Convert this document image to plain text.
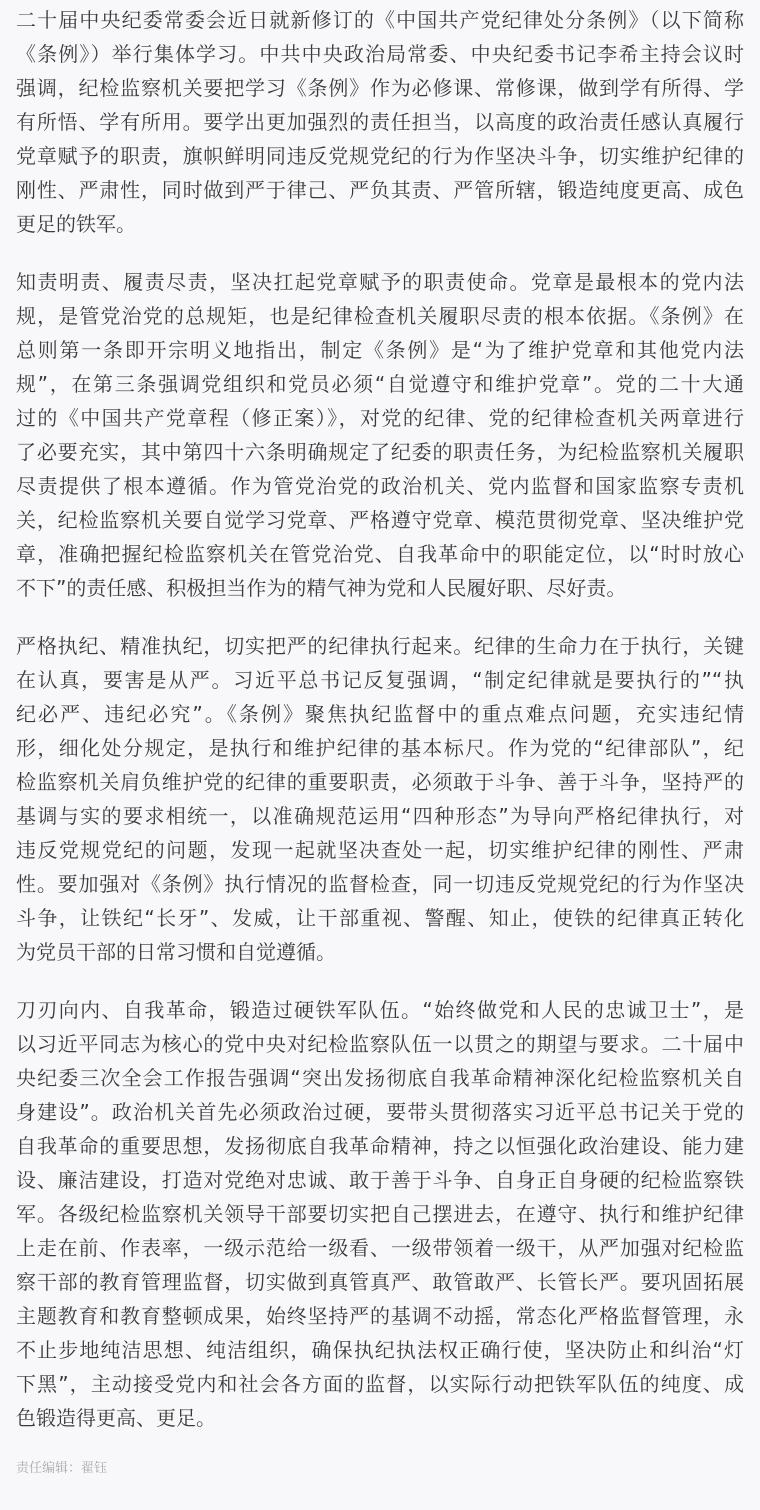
二十届中央纪委常委会近日就新修订的《中国共产党纪律处分条例》（以下简称
《条例》）举行集体学习。中共中央政治局常委、中央纪委书记李希主持会议时
强调，纪检监察机关要把学习《条例》作为必修课、常修课，做到学有所得、学
有所悟、学有所用。要学出更加强烈的责任担当，以高度的政治责任感认真履行
党章赋予的职责，旗帜鲜明同违反党规党纪的行为作坚决斗争，切实维护纪律的
刚性、严肃性，同时做到严于律己、严负其责、严管所辖，锻造纯度更高、成色
更足的铁军。
知责明责、履责尽责，坚决扛起党章赋予的职责使命。党章是最根本的党内法
规，是管党治党的总规矩，也是纪律检查机关履职尽责的根本依据。《条例》在
总则第一条即开宗明义地指出，制定《条例》是“为了维护党章和其他党内法
规”，在第三条强调党组织和党员必须“自觉遵守和维护党章”。党的二十大通
过的《中国共产党章程（修正案）》，对党的纪律、党的纪律检查机关两章进行
了必要充实，其中第四十六条明确规定了纪委的职责任务，为纪检监察机关履职
尽责提供了根本遵循。作为管党治党的政治机关、党内监督和国家监察专责机
关，纪检监察机关要自觉学习党章、严格遵守党章、模范贯彻党章、坚决维护党
章，准确把握纪检监察机关在管党治党、自我革命中的职能定位，以“时时放心
不下”的责任感、积极担当作为的精气神为党和人民履好职、尽好责。
严格执纪、精准执纪，切实把严的纪律执行起来。纪律的生命力在于执行，关键
在认真，要害是从严。习近平总书记反复强调，“制定纪律就是要执行的”“执
纪必严、违纪必究”。《条例》聚焦执纪监督中的重点难点问题，充实违纪情
形，细化处分规定，是执行和维护纪律的基本标尺。作为党的“纪律部队”，纪
检监察机关肩负维护党的纪律的重要职责，必须敢于斗争、善于斗争，坚持严的
基调与实的要求相统一，以准确规范运用“四种形态”为导向严格纪律执行，对
违反党规党纪的问题，发现一起就坚决查处一起，切实维护纪律的刚性、严肃
性。要加强对《条例》执行情况的监督检查，同一切违反党规党纪的行为作坚决
斗争，让铁纪“长牙”、发威，让干部重视、警醒、知止，使铁的纪律真正转化
为党员干部的日常习惯和自觉遵循。
刀刃向内、自我革命，锻造过硬铁军队伍。“始终做党和人民的忠诚卫士”，是
以习近平同志为核心的党中央对纪检监察队伍一以贯之的期望与要求。二十届中
央纪委三次全会工作报告强调“突出发扬彻底自我革命精神深化纪检监察机关自
身建设”。政治机关首先必须政治过硬，要带头贯彻落实习近平总书记关于党的
自我革命的重要思想，发扬彻底自我革命精神，持之以恒强化政治建设、能力建
设、廉洁建设，打造对党绝对忠诚、敢于善于斗争、自身正自身硬的纪检监察铁
军。各级纪检监察机关领导干部要切实把自己摆进去，在遵守、执行和维护纪律
上走在前、作表率，一级示范给一级看、一级带领着一级干，从严加强对纪检监
察干部的教育管理监督，切实做到真管真严、敢管敢严、长管长严。要巩固拓展
主题教育和教育整顿成果，始终坚持严的基调不动摇，常态化严格监督管理，永
不止步地纯洁思想、纯洁组织，确保执纪执法权正确行使，坚决防止和纠治“灯
下黑”，主动接受党内和社会各方面的监督，以实际行动把铁军队伍的纯度、成
色锻造得更高、更足。
责任编辑：翟钰
